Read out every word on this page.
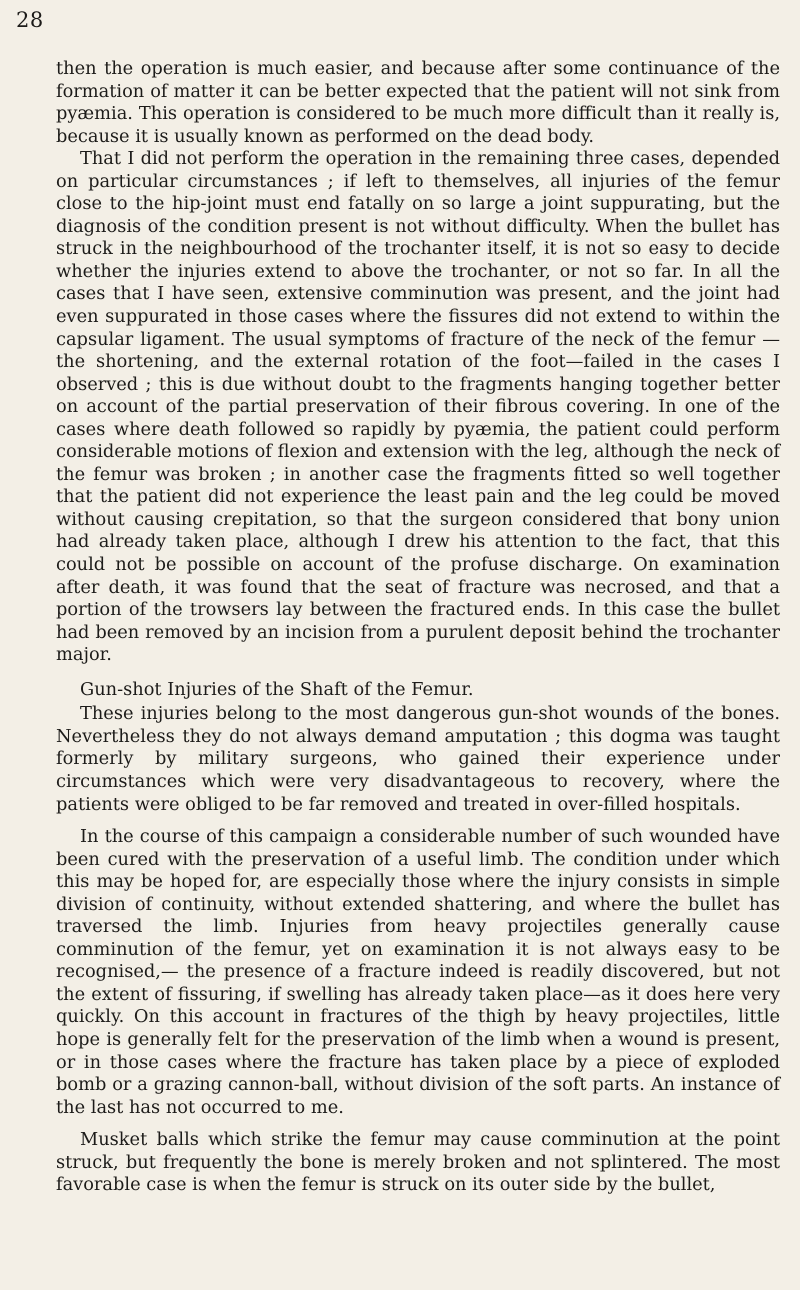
28

then the operation is much easier, and because after some continuance of the formation of matter it can be better expected that the patient will not sink from pyæmia. This operation is considered to be much more difficult than it really is, because it is usually known as performed on the dead body.

That I did not perform the operation in the remaining three cases, depended on particular circumstances ; if left to themselves, all injuries of the femur close to the hip-joint must end fatally on so large a joint suppurating, but the diagnosis of the condition present is not without difficulty. When the bullet has struck in the neighbourhood of the trochanter itself, it is not so easy to decide whether the injuries extend to above the trochanter, or not so far. In all the cases that I have seen, extensive comminution was present, and the joint had even suppurated in those cases where the fissures did not extend to within the capsular ligament. The usual symptoms of fracture of the neck of the femur —the shortening, and the external rotation of the foot—failed in the cases I observed ; this is due without doubt to the fragments hanging together better on account of the partial preservation of their fibrous covering. In one of the cases where death followed so rapidly by pyæmia, the patient could perform considerable motions of flexion and extension with the leg, although the neck of the femur was broken ; in another case the fragments fitted so well together that the patient did not experience the least pain and the leg could be moved without causing crepitation, so that the surgeon considered that bony union had already taken place, although I drew his attention to the fact, that this could not be possible on account of the profuse discharge. On examination after death, it was found that the seat of fracture was necrosed, and that a portion of the trowsers lay between the fractured ends. In this case the bullet had been removed by an incision from a purulent deposit behind the trochanter major.

Gun-shot Injuries of the Shaft of the Femur.

These injuries belong to the most dangerous gun-shot wounds of the bones. Nevertheless they do not always demand amputation ; this dogma was taught formerly by military surgeons, who gained their experience under circumstances which were very disadvantageous to recovery, where the patients were obliged to be far removed and treated in over-filled hospitals.

In the course of this campaign a considerable number of such wounded have been cured with the preservation of a useful limb. The condition under which this may be hoped for, are especially those where the injury consists in simple division of continuity, without extended shattering, and where the bullet has traversed the limb. Injuries from heavy projectiles generally cause comminution of the femur, yet on examination it is not always easy to be recognised,— the presence of a fracture indeed is readily discovered, but not the extent of fissuring, if swelling has already taken place—as it does here very quickly. On this account in fractures of the thigh by heavy projectiles, little hope is generally felt for the preservation of the limb when a wound is present, or in those cases where the fracture has taken place by a piece of exploded bomb or a grazing cannon-ball, without division of the soft parts. An instance of the last has not occurred to me.

Musket balls which strike the femur may cause comminution at the point struck, but frequently the bone is merely broken and not splintered. The most favorable case is when the femur is struck on its outer side by the bullet,
